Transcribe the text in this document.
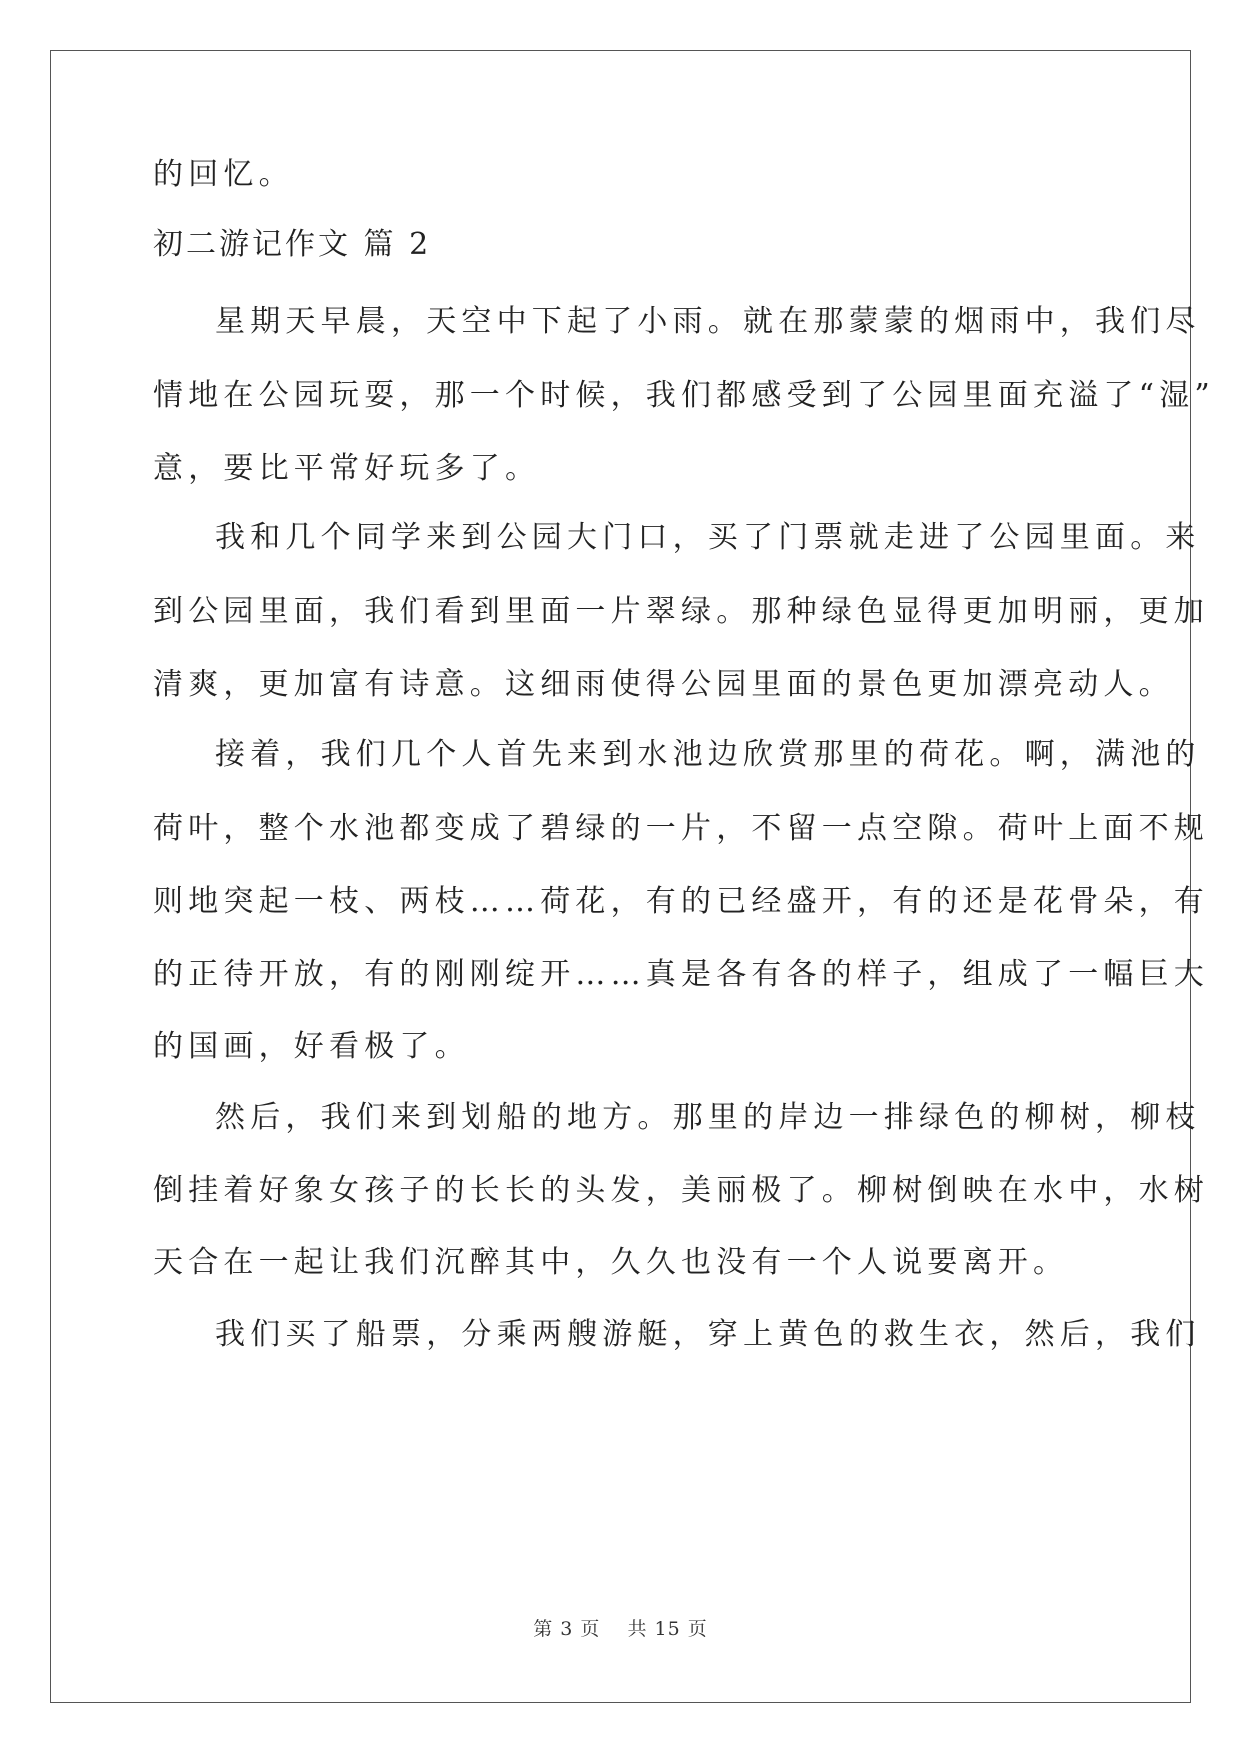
的回忆。
初二游记作文 篇 2
星期天早晨，天空中下起了小雨。就在那蒙蒙的烟雨中，我们尽
情地在公园玩耍，那一个时候，我们都感受到了公园里面充溢了“湿”
意，要比平常好玩多了。
我和几个同学来到公园大门口，买了门票就走进了公园里面。来
到公园里面，我们看到里面一片翠绿。那种绿色显得更加明丽，更加
清爽，更加富有诗意。这细雨使得公园里面的景色更加漂亮动人。
接着，我们几个人首先来到水池边欣赏那里的荷花。啊，满池的
荷叶，整个水池都变成了碧绿的一片，不留一点空隙。荷叶上面不规
则地突起一枝、两枝……荷花，有的已经盛开，有的还是花骨朵，有
的正待开放，有的刚刚绽开……真是各有各的样子，组成了一幅巨大
的国画，好看极了。
然后，我们来到划船的地方。那里的岸边一排绿色的柳树，柳枝
倒挂着好象女孩子的长长的头发，美丽极了。柳树倒映在水中，水树
天合在一起让我们沉醉其中，久久也没有一个人说要离开。
我们买了船票，分乘两艘游艇，穿上黄色的救生衣，然后，我们
第 3 页 共 15 页
